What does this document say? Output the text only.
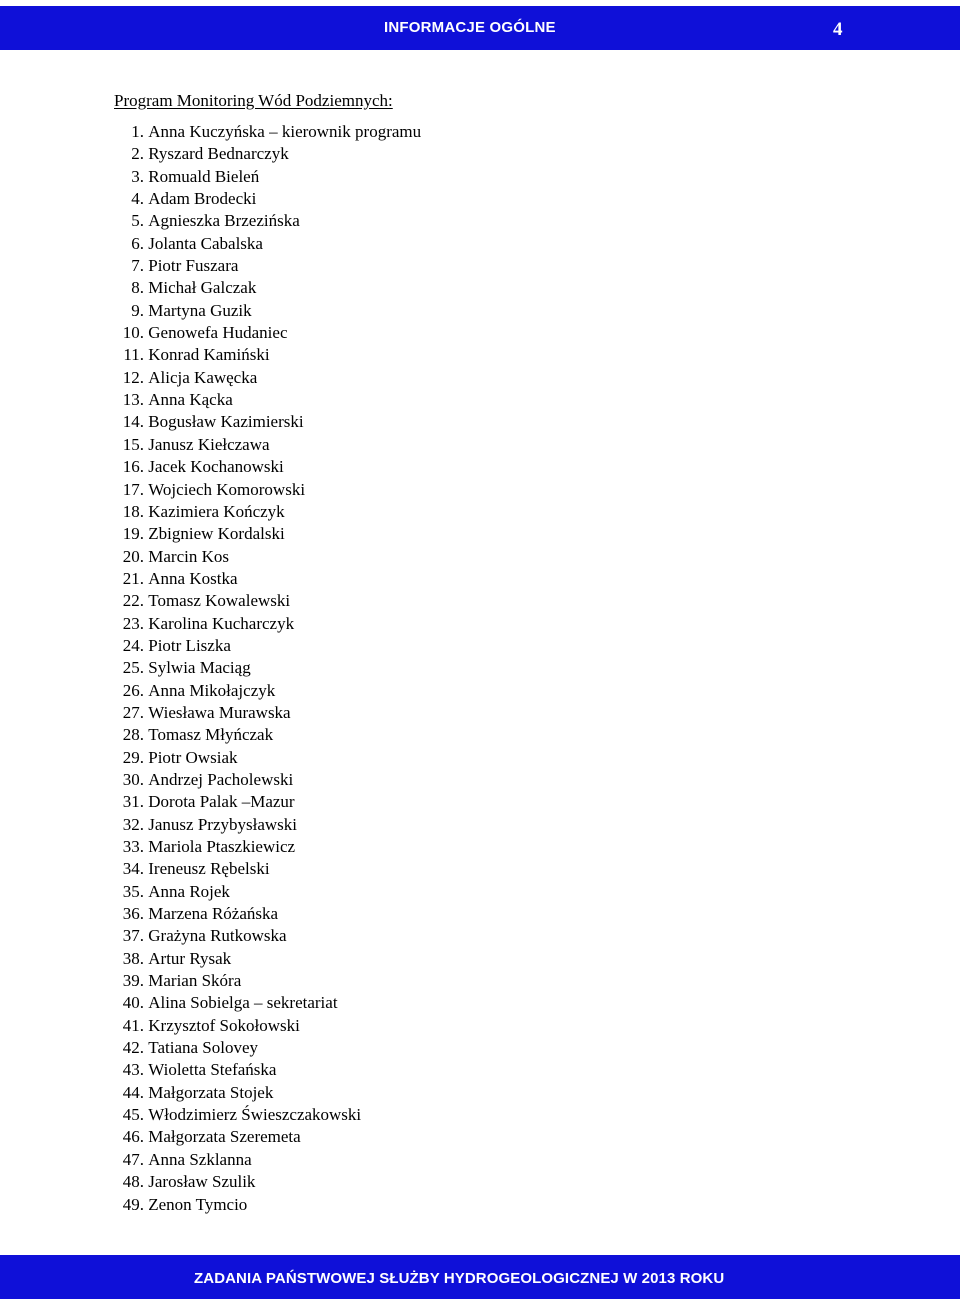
INFORMACJE OGÓLNE	4
Program Monitoring Wód Podziemnych:
1.
Anna Kuczyńska – kierownik programu
2.
Ryszard Bednarczyk
3.
Romuald Bieleń
4.
Adam Brodecki
5.
Agnieszka Brzezińska
6.
Jolanta Cabalska
7.
Piotr Fuszara
8.
Michał Galczak
9.
Martyna Guzik
10.
Genowefa Hudaniec
11.
Konrad Kamiński
12.
Alicja Kawęcka
13.
Anna Kącka
14.
Bogusław Kazimierski
15.
Janusz Kiełczawa
16.
Jacek Kochanowski
17.
Wojciech Komorowski
18.
Kazimiera Kończyk
19.
Zbigniew Kordalski
20.
Marcin Kos
21.
Anna Kostka
22.
Tomasz Kowalewski
23.
Karolina Kucharczyk
24.
Piotr Liszka
25.
Sylwia Maciąg
26.
Anna Mikołajczyk
27.
Wiesława Murawska
28.
Tomasz Młyńczak
29.
Piotr Owsiak
30.
Andrzej Pacholewski
31.
Dorota Palak –Mazur
32.
Janusz Przybysławski
33.
Mariola Ptaszkiewicz
34.
Ireneusz Rębelski
35.
Anna Rojek
36.
Marzena Różańska
37.
Grażyna Rutkowska
38.
Artur Rysak
39.
Marian Skóra
40.
Alina Sobielga – sekretariat
41.
Krzysztof Sokołowski
42.
Tatiana Solovey
43.
Wioletta Stefańska
44.
Małgorzata Stojek
45.
Włodzimierz Świeszczakowski
46.
Małgorzata Szeremeta
47.
Anna Szklanna
48.
Jarosław Szulik
49.
Zenon Tymcio
ZADANIA PAŃSTWOWEJ SŁUŻBY HYDROGEOLOGICZNEJ W 2013 ROKU
